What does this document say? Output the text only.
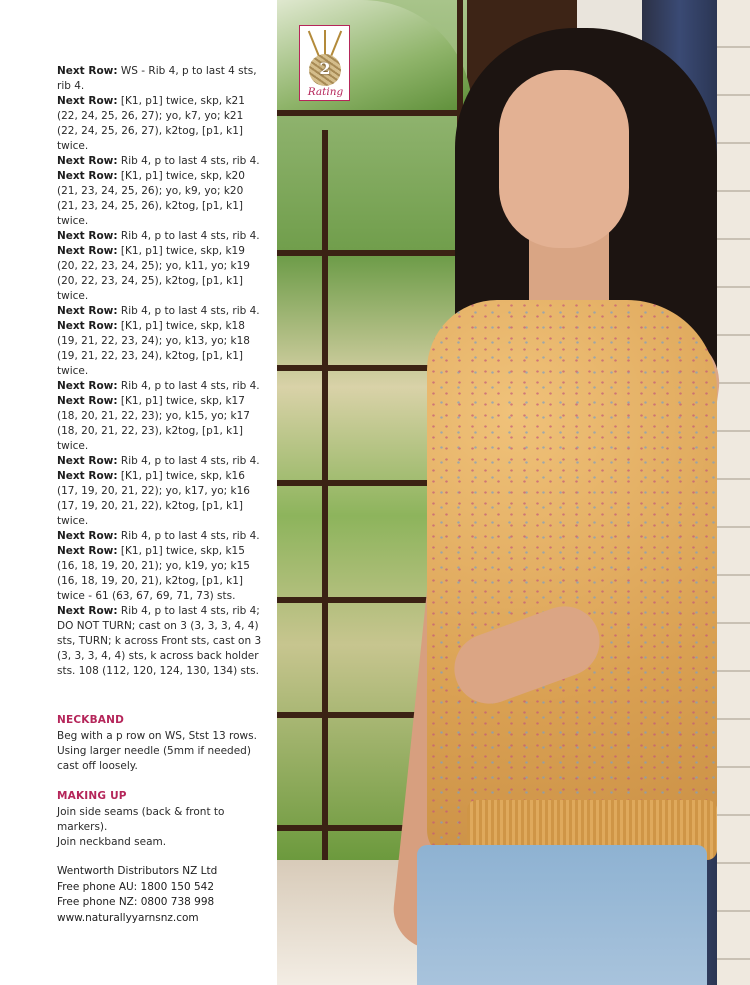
Next Row: WS - Rib 4, p to last 4 sts, rib 4.

Next Row: [K1, p1] twice, skp, k21 (22, 24, 25, 26, 27); yo, k7, yo; k21 (22, 24, 25, 26, 27), k2tog, [p1, k1] twice.

Next Row: Rib 4, p to last 4 sts, rib 4.

Next Row: [K1, p1] twice, skp, k20 (21, 23, 24, 25, 26); yo, k9, yo; k20 (21, 23, 24, 25, 26), k2tog, [p1, k1] twice.

Next Row: Rib 4, p to last 4 sts, rib 4.

Next Row: [K1, p1] twice, skp, k19 (20, 22, 23, 24, 25); yo, k11, yo; k19 (20, 22, 23, 24, 25), k2tog, [p1, k1] twice.

Next Row: Rib 4, p to last 4 sts, rib 4.

Next Row: [K1, p1] twice, skp, k18 (19, 21, 22, 23, 24); yo, k13, yo; k18 (19, 21, 22, 23, 24), k2tog, [p1, k1] twice.

Next Row: Rib 4, p to last 4 sts, rib 4.

Next Row: [K1, p1] twice, skp, k17 (18, 20, 21, 22, 23); yo, k15, yo; k17 (18, 20, 21, 22, 23), k2tog, [p1, k1] twice.

Next Row: Rib 4, p to last 4 sts, rib 4.

Next Row: [K1, p1] twice, skp, k16 (17, 19, 20, 21, 22); yo, k17, yo; k16 (17, 19, 20, 21, 22), k2tog, [p1, k1] twice.

Next Row: Rib 4, p to last 4 sts, rib 4.

Next Row: [K1, p1] twice, skp, k15 (16, 18, 19, 20, 21); yo, k19, yo; k15 (16, 18, 19, 20, 21), k2tog, [p1, k1] twice - 61 (63, 67, 69, 71, 73) sts.

Next Row: Rib 4, p to last 4 sts, rib 4; DO NOT TURN; cast on 3 (3, 3, 3, 4, 4) sts, TURN; k across Front sts, cast on 3 (3, 3, 3, 4, 4) sts, k across back holder sts. 108 (112, 120, 124, 130, 134) sts.

NECKBAND

Beg with a p row on WS, Stst 13 rows. Using larger needle (5mm if needed) cast off loosely.

MAKING UP

Join side seams (back & front to markers).

Join neckband seam.

Wentworth Distributors NZ Ltd

Free phone AU: 1800 150 542

Free phone NZ: 0800 738 998

www.naturallyyarnsnz.com

2
Rating
